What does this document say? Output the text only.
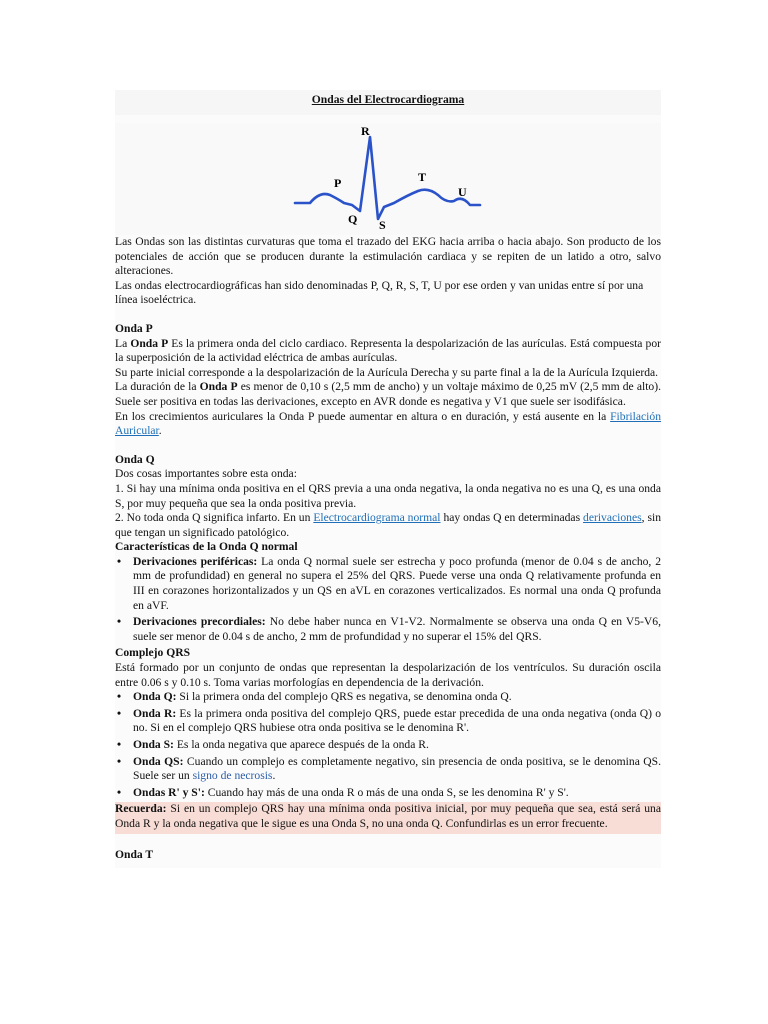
Ondas del Electrocardiograma
R
P	T
U
Q S

Las Ondas son las distintas curvaturas que toma el trazado del EKG hacia arriba o hacia abajo. Son producto de los potenciales de acción que se producen durante la estimulación cardiaca y se repiten de un latido a otro, salvo alteraciones.

Las ondas electrocardiográficas han sido denominadas P, Q, R, S, T, U por ese orden y van unidas entre sí por una línea isoeléctrica.

Onda P

La Onda P Es la primera onda del ciclo cardiaco. Representa la despolarización de las aurículas. Está compuesta por la superposición de la actividad eléctrica de ambas aurículas.

Su parte inicial corresponde a la despolarización de la Aurícula Derecha y su parte final a la de la Aurícula Izquierda.

La duración de la Onda P es menor de 0,10 s (2,5 mm de ancho) y un voltaje máximo de 0,25 mV (2,5 mm de alto). Suele ser positiva en todas las derivaciones, excepto en AVR donde es negativa y V1 que suele ser isodifásica.

En los crecimientos auriculares la Onda P puede aumentar en altura o en duración, y está ausente en la Fibrilación Auricular.

Onda Q

Dos cosas importantes sobre esta onda:

1. Si hay una mínima onda positiva en el QRS previa a una onda negativa, la onda negativa no es una Q, es una onda S, por muy pequeña que sea la onda positiva previa.

2. No toda onda Q significa infarto. En un Electrocardiograma normal hay ondas Q en determinadas derivaciones, sin que tengan un significado patológico.

Características de la Onda Q normal

• Derivaciones periféricas: La onda Q normal suele ser estrecha y poco profunda (menor de 0.04 s de ancho, 2 mm de profundidad) en general no supera el 25% del QRS. Puede verse una onda Q relativamente profunda en III en corazones horizontalizados y un QS en aVL en corazones verticalizados. Es normal una onda Q profunda en aVF.
• Derivaciones precordiales: No debe haber nunca en V1-V2. Normalmente se observa una onda Q en V5-V6, suele ser menor de 0.04 s de ancho, 2 mm de profundidad y no superar el 15% del QRS.

Complejo QRS

Está formado por un conjunto de ondas que representan la despolarización de los ventrículos. Su duración oscila entre 0.06 s y 0.10 s. Toma varias morfologías en dependencia de la derivación.

• Onda Q: Si la primera onda del complejo QRS es negativa, se denomina onda Q.
• Onda R: Es la primera onda positiva del complejo QRS, puede estar precedida de una onda negativa (onda Q) o no. Si en el complejo QRS hubiese otra onda positiva se le denomina R'.
• Onda S: Es la onda negativa que aparece después de la onda R.
• Onda QS: Cuando un complejo es completamente negativo, sin presencia de onda positiva, se le denomina QS. Suele ser un signo de necrosis.
• Ondas R' y S': Cuando hay más de una onda R o más de una onda S, se les denomina R' y S'.

Recuerda: Si en un complejo QRS hay una mínima onda positiva inicial, por muy pequeña que sea, está será una Onda R y la onda negativa que le sigue es una Onda S, no una onda Q. Confundirlas es un error frecuente.

Onda T
